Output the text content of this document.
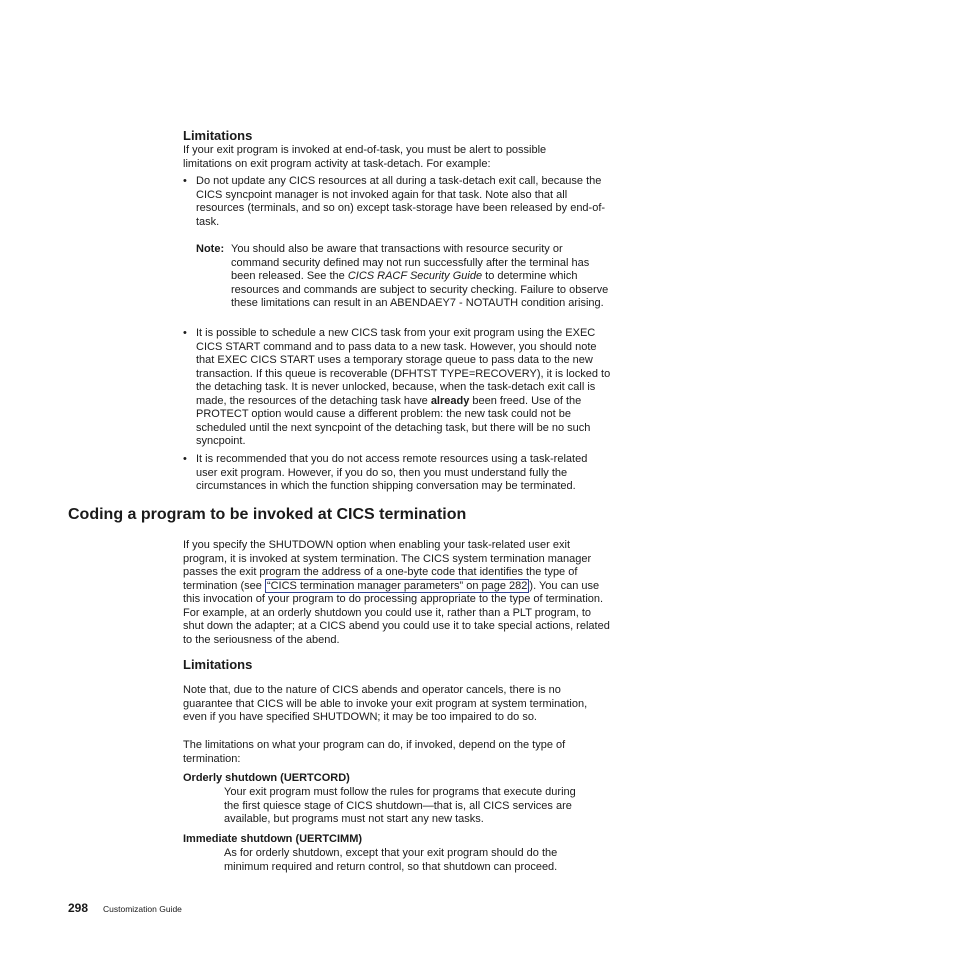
Limitations
If your exit program is invoked at end-of-task, you must be alert to possible limitations on exit program activity at task-detach. For example:
• Do not update any CICS resources at all during a task-detach exit call, because the CICS syncpoint manager is not invoked again for that task. Note also that all resources (terminals, and so on) except task-storage have been released by end-of-task.
Note: You should also be aware that transactions with resource security or command security defined may not run successfully after the terminal has been released. See the CICS RACF Security Guide to determine which resources and commands are subject to security checking. Failure to observe these limitations can result in an ABENDAEY7 - NOTAUTH condition arising.
• It is possible to schedule a new CICS task from your exit program using the EXEC CICS START command and to pass data to a new task. However, you should note that EXEC CICS START uses a temporary storage queue to pass data to the new transaction. If this queue is recoverable (DFHTST TYPE=RECOVERY), it is locked to the detaching task. It is never unlocked, because, when the task-detach exit call is made, the resources of the detaching task have already been freed. Use of the PROTECT option would cause a different problem: the new task could not be scheduled until the next syncpoint of the detaching task, but there will be no such syncpoint.
• It is recommended that you do not access remote resources using a task-related user exit program. However, if you do so, then you must understand fully the circumstances in which the function shipping conversation may be terminated.
Coding a program to be invoked at CICS termination
If you specify the SHUTDOWN option when enabling your task-related user exit program, it is invoked at system termination. The CICS system termination manager passes the exit program the address of a one-byte code that identifies the type of termination (see “CICS termination manager parameters” on page 282 ). You can use this invocation of your program to do processing appropriate to the type of termination. For example, at an orderly shutdown you could use it, rather than a PLT program, to shut down the adapter; at a CICS abend you could use it to take special actions, related to the seriousness of the abend.
Limitations
Note that, due to the nature of CICS abends and operator cancels, there is no guarantee that CICS will be able to invoke your exit program at system termination, even if you have specified SHUTDOWN; it may be too impaired to do so.
The limitations on what your program can do, if invoked, depend on the type of termination:
Orderly shutdown (UERTCORD)
Your exit program must follow the rules for programs that execute during the first quiesce stage of CICS shutdown—that is, all CICS services are available, but programs must not start any new tasks.
Immediate shutdown (UERTCIMM)
As for orderly shutdown, except that your exit program should do the minimum required and return control, so that shutdown can proceed.
298 Customization Guide
